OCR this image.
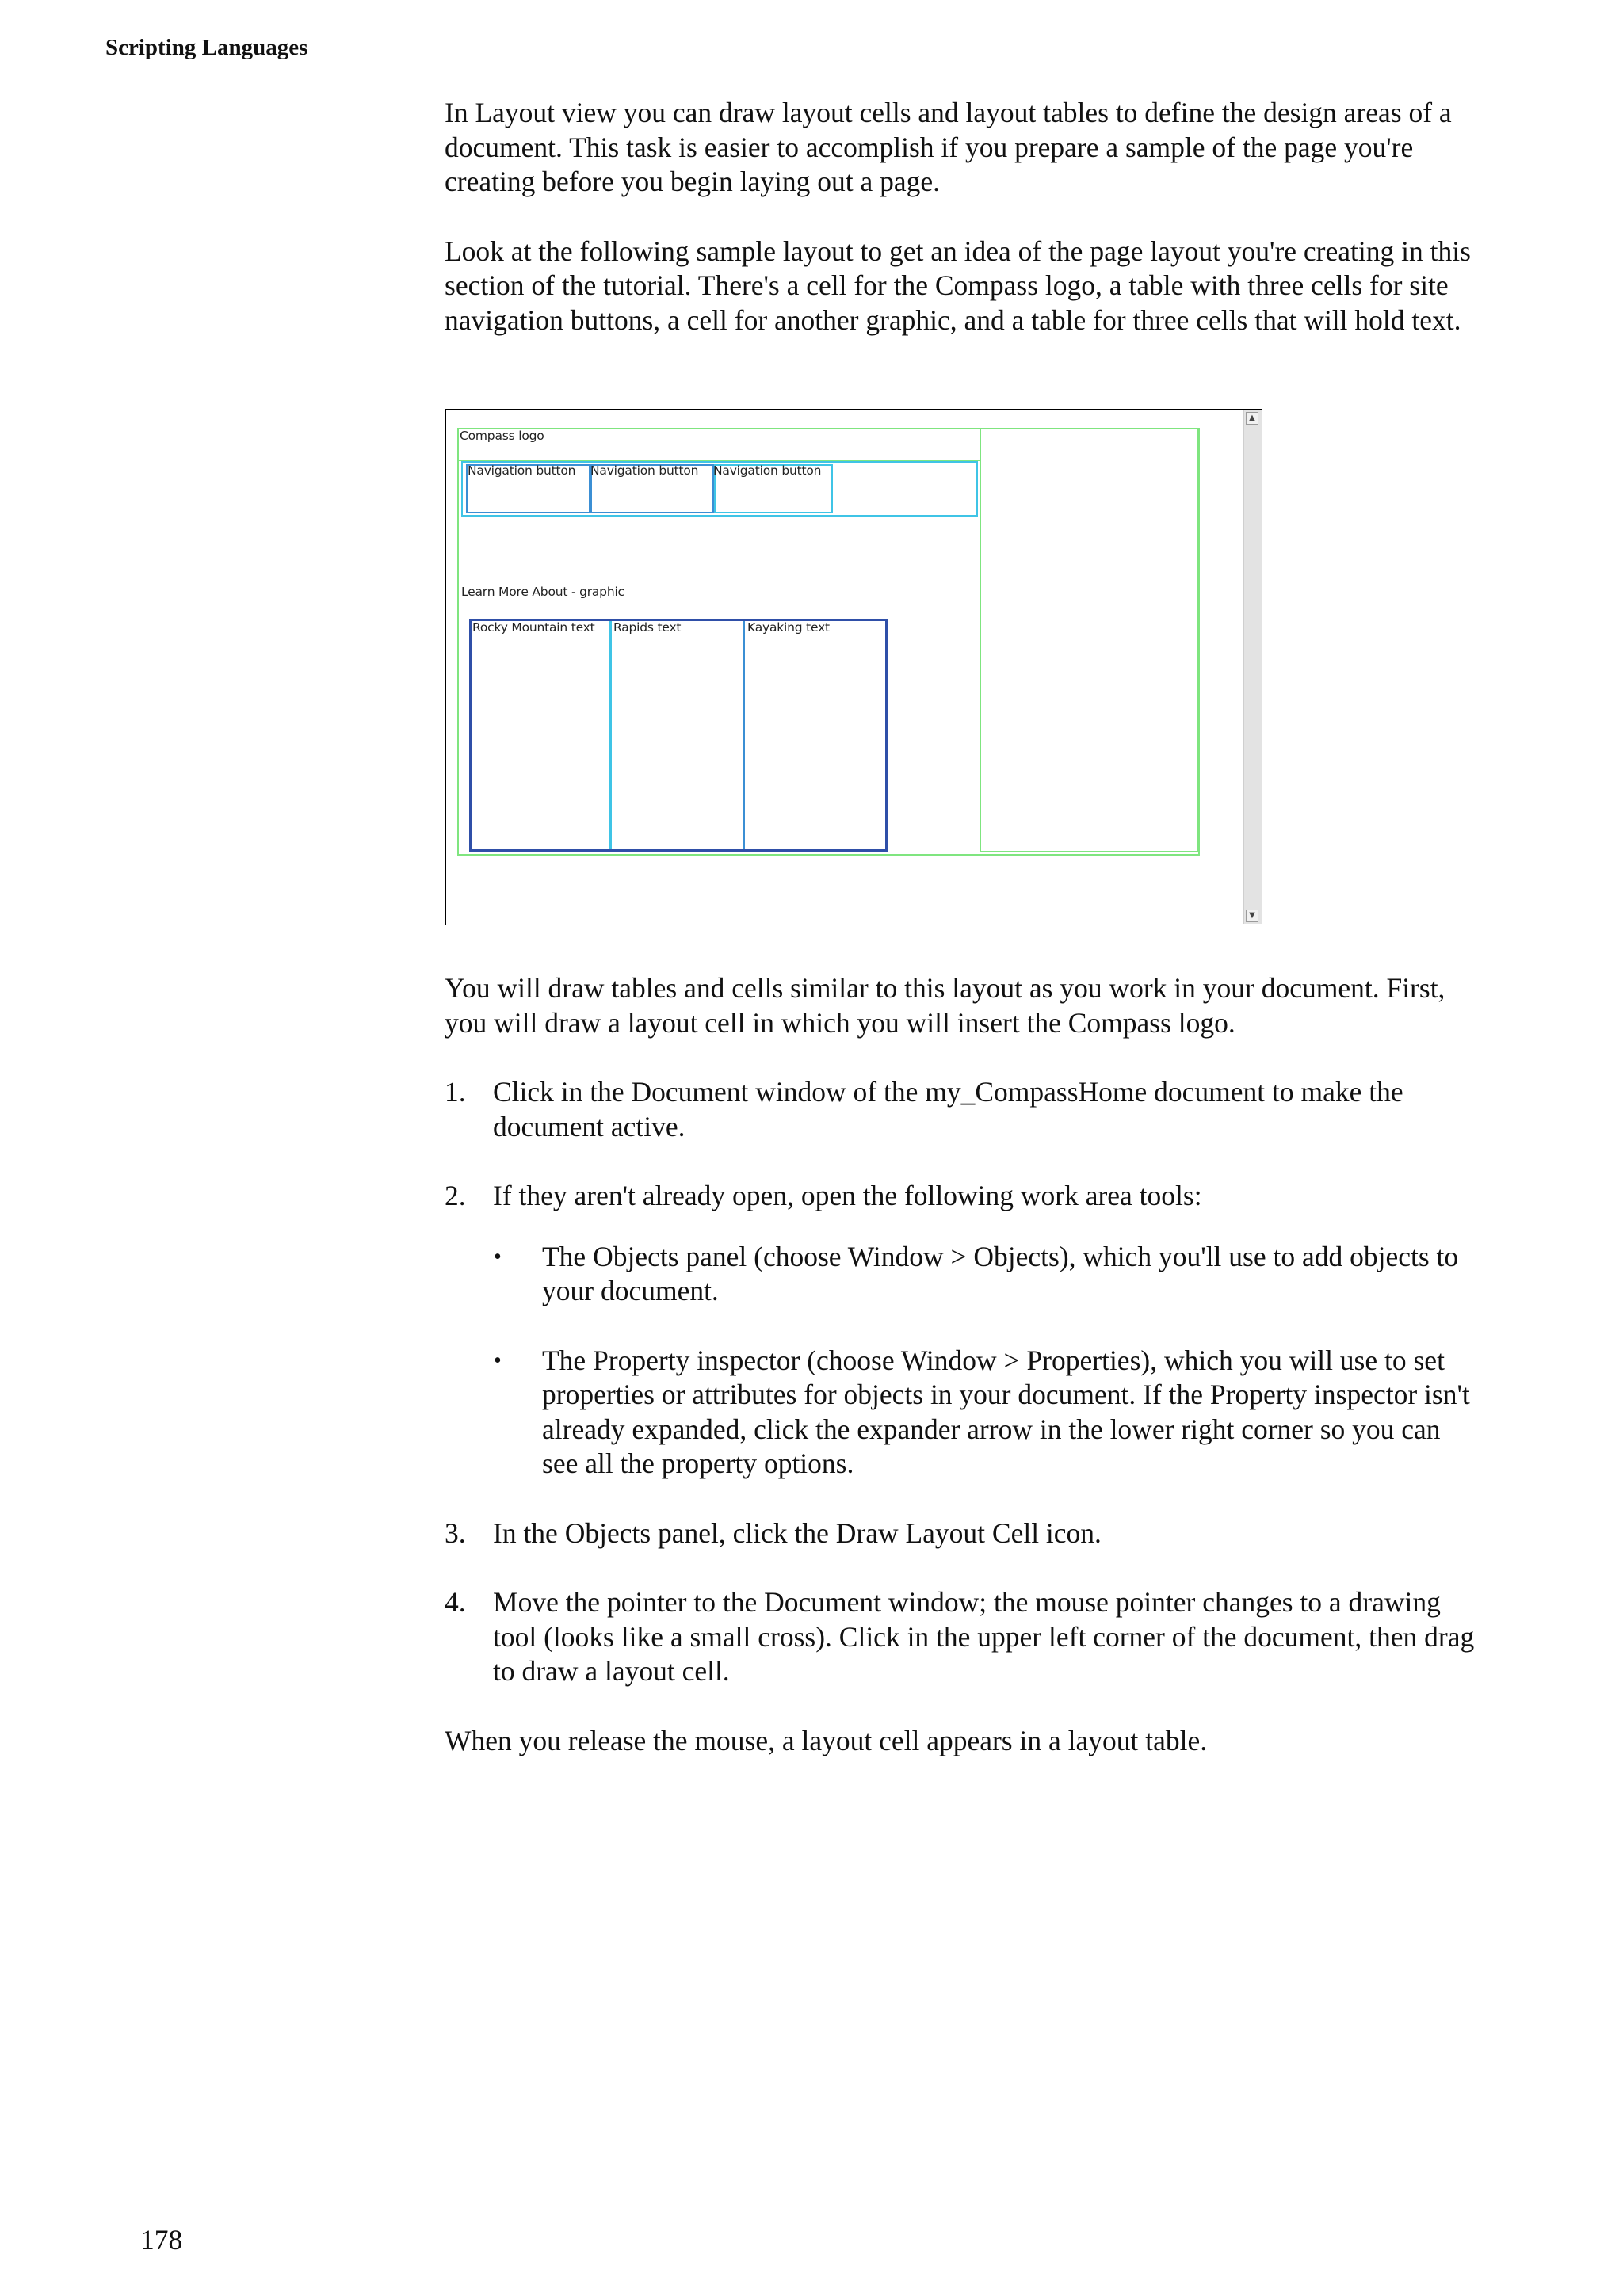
Scripting Languages

In Layout view you can draw layout cells and layout tables to define the design areas of a document. This task is easier to accomplish if you prepare a sample of the page you're creating before you begin laying out a page.

Look at the following sample layout to get an idea of the page layout you're creating in this section of the tutorial. There's a cell for the Compass logo, a table with three cells for site navigation buttons, a cell for another graphic, and a table for three cells that will hold text.

Compass logo
Navigation button Navigation button Navigation button
Learn More About - graphic
Rocky Mountain text Rapids text	Kayaking text
▲
▼

You will draw tables and cells similar to this layout as you work in your document. First, you will draw a layout cell in which you will insert the Compass logo.

1. Click in the Document window of the my_CompassHome document to make the document active.
2. If they aren't already open, open the following work area tools:
• The Objects panel (choose Window > Objects), which you'll use to add objects to your document.
• The Property inspector (choose Window > Properties), which you will use to set properties or attributes for objects in your document. If the Property inspector isn't already expanded, click the expander arrow in the lower right corner so you can see all the property options.
3. In the Objects panel, click the Draw Layout Cell icon.
4. Move the pointer to the Document window; the mouse pointer changes to a drawing tool (looks like a small cross). Click in the upper left corner of the document, then drag to draw a layout cell.

When you release the mouse, a layout cell appears in a layout table.

178
